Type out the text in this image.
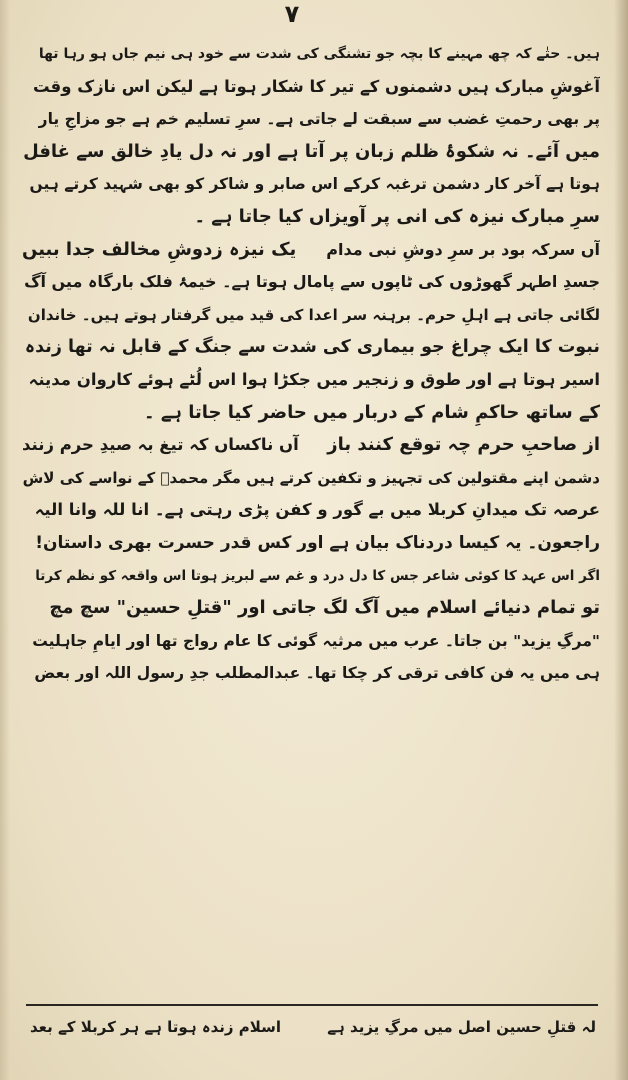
۷
ہیں۔ حتٰے کہ چھ مہینے کا بچہ جو تشنگی کی شدت سے خود ہی نیم جاں ہو رہا تھا
آغوشِ مبارک ہیں دشمنوں کے تیر کا شکار ہوتا ہے لیکن اس نازک وقت
پر بھی رحمتِ غضب سے سبقت لے جاتی ہے۔ سرِ تسلیم خم ہے جو مزاجِ یار
میں آئے۔ نہ شکوۂ ظلم زبان پر آتا ہے اور نہ دل یادِ خالق سے غافل
ہوتا ہے آخر کار دشمن ترغبہ کرکے اس صابر و شاکر کو بھی شہید کرتے ہیں
سرِ مبارک نیزہ کی انی پر آویزاں کیا جاتا ہے ۔
آں سرکہ بود بر سرِ دوشِ نبی مدام
یک نیزہ زدوشِ مخالف جدا ببیں
جسدِ اطہر گھوڑوں کی ٹاپوں سے پامال ہوتا ہے۔ خیمۂ فلک بارگاہ میں آگ
لگائی جاتی ہے اہلِ حرم۔ برہنہ سر اعدا کی قید میں گرفتار ہوتے ہیں۔ خاندان
نبوت کا ایک چراغ جو بیماری کی شدت سے جنگ کے قابل نہ تھا زندہ
اسیر ہوتا ہے اور طوق و زنجیر میں جکڑا ہوا اس لُٹے ہوئے کاروان مدینہ
کے ساتھ حاکمِ شام کے دربار میں حاضر کیا جاتا ہے ۔
از صاحبِ حرم چہ توقع کنند باز
آں ناکساں کہ تیغ بہ صیدِ حرم زنند
دشمن اپنے مقتولین کی تجہیز و تکفین کرتے ہیں مگر محمدؐ کے نواسے کی لاش
عرصہ تک میدانِ کربلا میں بے گور و کفن پڑی رہتی ہے۔ انا للہ وانا الیہ
راجعون۔ یہ کیسا دردناک بیان ہے اور کس قدر حسرت بھری داستان!
اگر اس عہد کا کوئی شاعر جس کا دل درد و غم سے لبریز ہوتا اس واقعہ کو نظم کرتا
تو تمام دنیائے اسلام میں آگ لگ جاتی اور "قتلِ حسین" سچ مچ
"مرگِ یزید" بن جاتا۔ عرب میں مرثیہ گوئی کا عام رواج تھا اور ایامِ جاہلیت
ہی میں یہ فن کافی ترقی کر چکا تھا۔ عبدالمطلب جدِ رسول اللہ اور بعض
لہ قتلِ حسین اصل میں مرگِ یزید ہے
اسلام زندہ ہوتا ہے ہر کربلا کے بعد
